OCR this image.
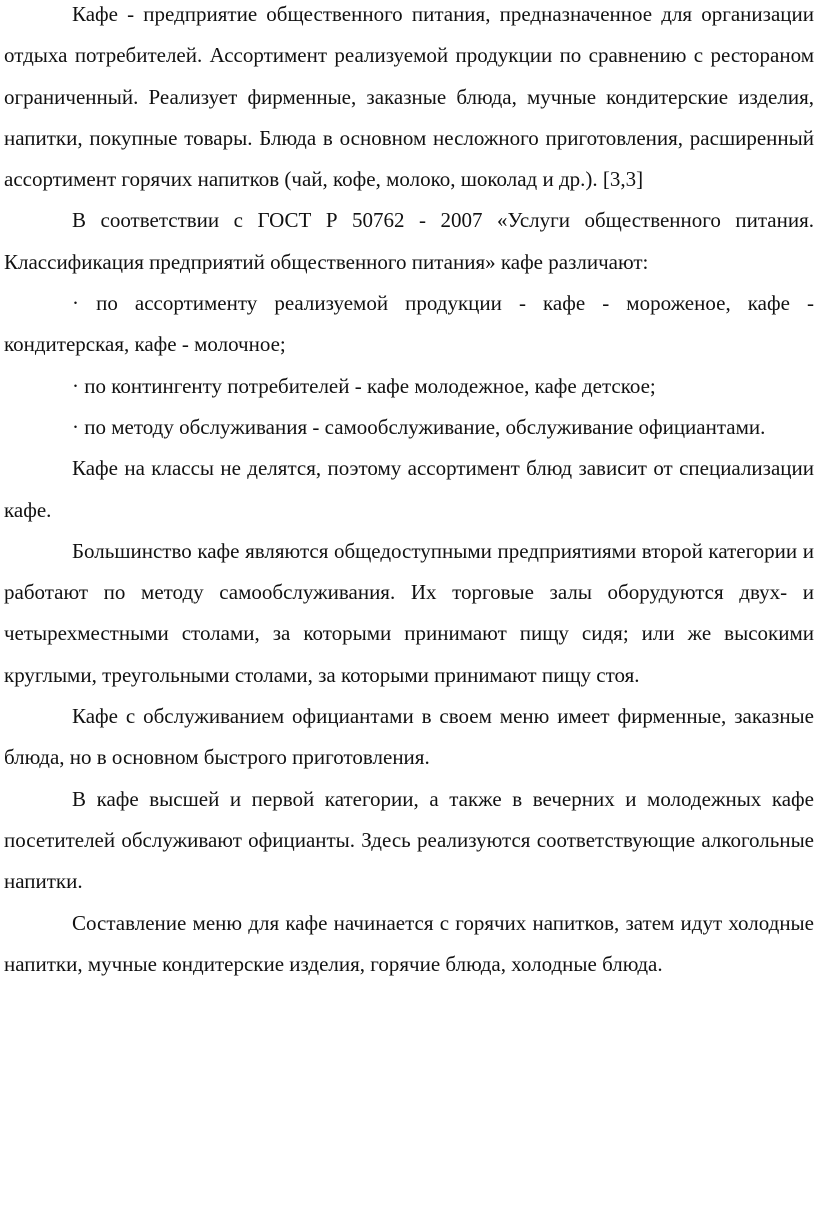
Кафе - предприятие общественного питания, предназначенное для организации отдыха потребителей. Ассортимент реализуемой продукции по сравнению с рестораном ограниченный. Реализует фирменные, заказные блюда, мучные кондитерские изделия, напитки, покупные товары. Блюда в основном несложного приготовления, расширенный ассортимент горячих напитков (чай, кофе, молоко, шоколад и др.). [3,3]

В соответствии с ГОСТ Р 50762 - 2007 «Услуги общественного питания. Классификация предприятий общественного питания» кафе различают:

· по ассортименту реализуемой продукции - кафе - мороженое, кафе - кондитерская, кафе - молочное;

· по контингенту потребителей - кафе молодежное, кафе детское;

· по методу обслуживания - самообслуживание, обслуживание официантами.

Кафе на классы не делятся, поэтому ассортимент блюд зависит от специализации кафе.

Большинство кафе являются общедоступными предприятиями второй категории и работают по методу самообслуживания. Их торговые залы оборудуются двух- и четырехместными столами, за которыми принимают пищу сидя; или же высокими круглыми, треугольными столами, за которыми принимают пищу стоя.

Кафе с обслуживанием официантами в своем меню имеет фирменные, заказные блюда, но в основном быстрого приготовления.

В кафе высшей и первой категории, а также в вечерних и молодежных кафе посетителей обслуживают официанты. Здесь реализуются соответствующие алкогольные напитки.

Составление меню для кафе начинается с горячих напитков, затем идут холодные напитки, мучные кондитерские изделия, горячие блюда, холодные блюда.
